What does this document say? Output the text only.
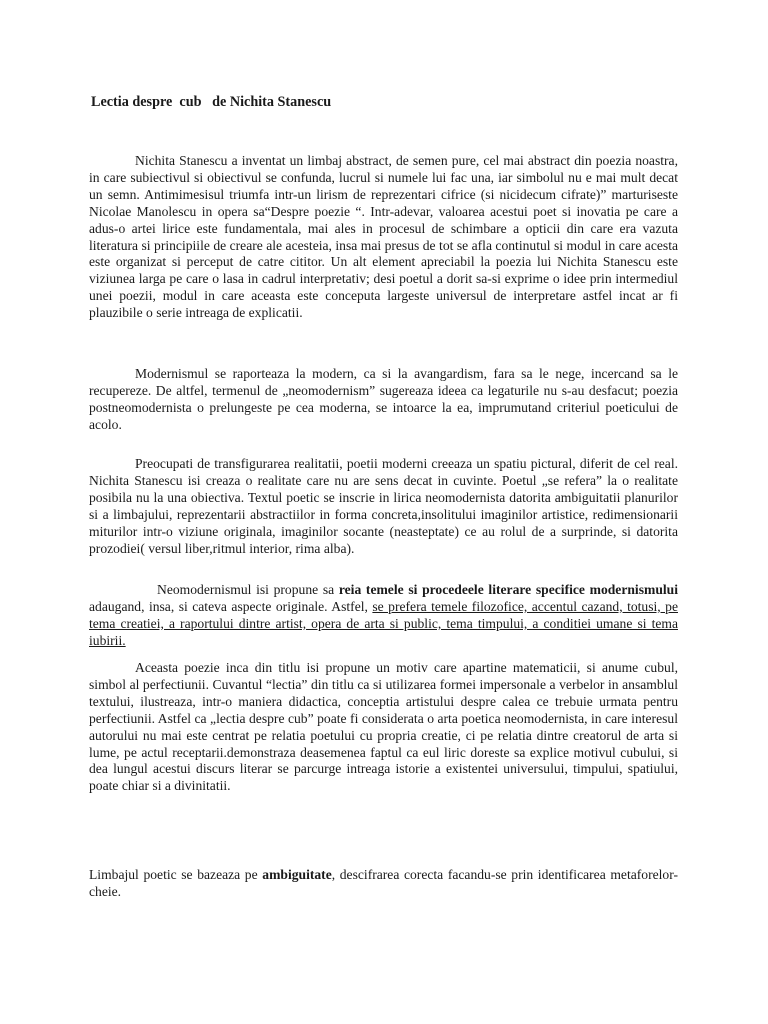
Lectia despre  cub   de Nichita Stanescu

Nichita Stanescu a inventat un limbaj abstract, de semen pure, cel mai abstract din poezia noastra, in care subiectivul si obiectivul se confunda, lucrul si numele lui fac una, iar simbolul nu e mai mult decat un semn. Antimimesisul triumfa intr-un lirism de reprezentari cifrice (si nicidecum cifrate)” marturiseste Nicolae Manolescu in opera sa“Despre poezie “. Intr-adevar, valoarea acestui poet si inovatia pe care a adus-o artei lirice este fundamentala, mai ales in procesul de schimbare a opticii din care era vazuta literatura si principiile de creare ale acesteia, insa mai presus de tot se afla continutul si modul in care acesta este organizat si perceput de catre cititor. Un alt element apreciabil la poezia lui Nichita Stanescu este viziunea larga pe care o lasa in cadrul interpretativ; desi poetul a dorit sa-si exprime o idee prin intermediul unei poezii, modul in care aceasta este conceputa largeste universul de interpretare astfel incat ar fi plauzibile o serie intreaga de explicatii.

Modernismul se raporteaza la modern, ca si la avangardism, fara sa le nege, incercand sa le recupereze. De altfel, termenul de „neomodernism” sugereaza ideea ca legaturile nu s-au desfacut; poezia postneomodernista o prelungeste pe cea moderna, se intoarce la ea, imprumutand criteriul poeticului de acolo.

Preocupati de transfigurarea realitatii, poetii moderni creeaza un spatiu pictural, diferit de cel real. Nichita Stanescu isi creaza o realitate care nu are sens decat in cuvinte. Poetul „se refera” la o realitate posibila nu la una obiectiva. Textul poetic se inscrie in lirica neomodernista datorita ambiguitatii planurilor si a limbajului, reprezentarii abstractiilor in forma concreta,insolitului imaginilor artistice, redimensionarii miturilor intr-o viziune originala, imaginilor socante (neasteptate) ce au rolul de a surprinde, si datorita prozodiei( versul liber,ritmul interior, rima alba).

Neomodernismul isi propune sa reia temele si procedeele literare specifice modernismului adaugand, insa, si cateva aspecte originale. Astfel, se prefera temele filozofice, accentul cazand, totusi, pe tema creatiei, a raportului dintre artist, opera de arta si public, tema timpului, a conditiei umane si tema iubirii.

Aceasta poezie inca din titlu isi propune un motiv care apartine matematicii, si anume cubul, simbol al perfectiunii. Cuvantul “lectia” din titlu ca si utilizarea formei impersonale a verbelor in ansamblul textului, ilustreaza, intr-o maniera didactica, conceptia artistului despre calea ce trebuie urmata pentru perfectiunii. Astfel ca „lectia despre cub” poate fi considerata o arta poetica neomodernista, in care interesul autorului nu mai este centrat pe relatia poetului cu propria creatie, ci pe relatia dintre creatorul de arta si lume, pe actul receptarii.demonstraza deasemenea faptul ca eul liric doreste sa explice motivul cubului, si dea lungul acestui discurs literar se parcurge intreaga istorie a existentei universului, timpului, spatiului, poate chiar si a divinitatii.

Limbajul poetic se bazeaza pe ambiguitate, descifrarea corecta facandu-se prin identificarea metaforelor-cheie.
